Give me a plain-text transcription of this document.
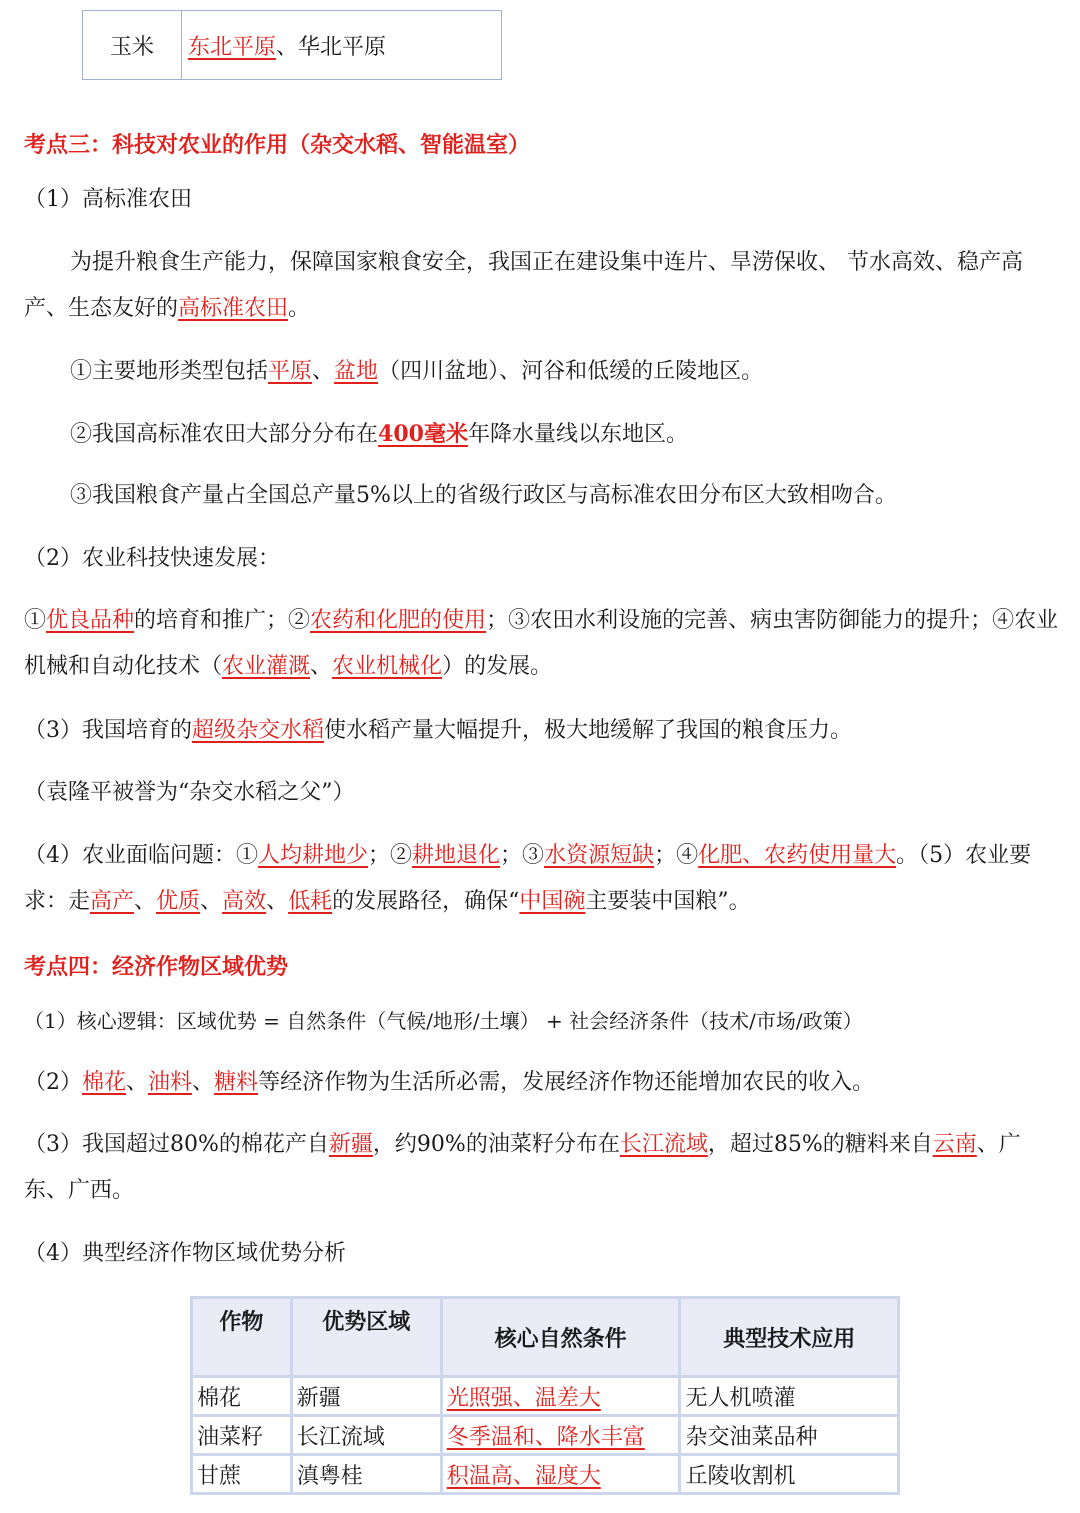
玉米	东北平原 、 华北平原
考点三：科技对农业的作用（杂交水稻、智能温室）
（1）高标准农田
为提升粮食生产能力，保障国家粮食安全，我国正在建设集中连片、旱涝保收、 节水高效、稳产高产、生态友好的高标准农田。
①主要地形类型包括平原、盆地（四川盆地）、河谷和低缓的丘陵地区。
②我国高标准农田大部分分布在400毫米年降水量线以东地区。
③我国粮食产量占全国总产量5%以上的省级行政区与高标准农田分布区大致相吻合。
（2）农业科技快速发展：
①优良品种的培育和推广；②农药和化肥的使用；③农田水利设施的完善、病虫害防御能力的提升；④农业机械和自动化技术（农业灌溉、农业机械化）的发展。
（3）我国培育的超级杂交水稻使水稻产量大幅提升，极大地缓解了我国的粮食压力。
（袁隆平被誉为“杂交水稻之父”）
（4）农业面临问题：①人均耕地少；②耕地退化；③水资源短缺；④化肥、农药使用量大。（5）农业要求：走高产、优质、高效、低耗的发展路径，确保“中国碗主要装中国粮”。
考点四：经济作物区域优势
（1）核心逻辑：区域优势 = 自然条件（气候/地形/土壤） + 社会经济条件（技术/市场/政策）
（2）棉花、油料、糖料等经济作物为生活所必需，发展经济作物还能增加农民的收入。
（3）我国超过80%的棉花产自新疆，约90%的油菜籽分布在长江流域，超过85%的糖料来自云南、广东、广西。
（4）典型经济作物区域优势分析
作物	优势区域	核心自然条件	典型技术应用
棉花	新疆	光照强、温差大	无人机喷灌
油菜籽	长江流域	冬季温和、降水丰富	杂交油菜品种
甘蔗	滇粤桂	积温高、湿度大	丘陵收割机
